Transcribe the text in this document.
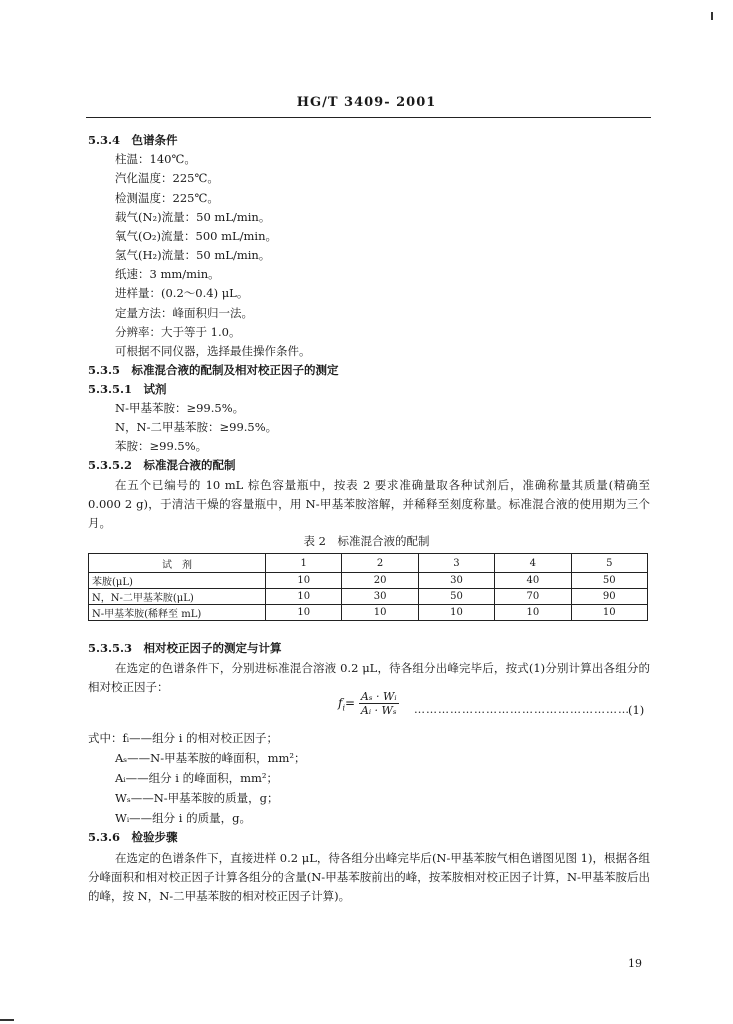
HG/T 3409- 2001
5.3.4　色谱条件
柱温：140℃。
汽化温度：225℃。
检测温度：225℃。
载气(N₂)流量：50 mL/min。
氧气(O₂)流量：500 mL/min。
氢气(H₂)流量：50 mL/min。
纸速：3 mm/min。
进样量：(0.2～0.4) μL。
定量方法：峰面积归一法。
分辨率：大于等于 1.0。
可根据不同仪器，选择最佳操作条件。
5.3.5　标准混合液的配制及相对校正因子的测定
5.3.5.1　试剂
N-甲基苯胺：≥99.5%。
N，N-二甲基苯胺：≥99.5%。
苯胺：≥99.5%。
5.3.5.2　标准混合液的配制
在五个已编号的 10 mL 棕色容量瓶中，按表 2 要求准确量取各种试剂后，准确称量其质量(精确至 0.000 2 g)，于清洁干燥的容量瓶中，用 N-甲基苯胺溶解，并稀释至刻度称量。标准混合液的使用期为三个月。
表 2　标准混合液的配制
试　剂	1	2	3	4	5
苯胺(μL)	10	20	30	40	50
N，N-二甲基苯胺(μL)	10	30	50	70	90
N-甲基苯胺(稀释至 mL)	10	10	10	10	10
5.3.5.3　相对校正因子的测定与计算
在选定的色谱条件下，分别进标准混合溶液 0.2 μL，待各组分出峰完毕后，按式(1)分别计算出各组分的相对校正因子：
$f_i= \frac{\text{Aₛ · Wᵢ}}{\text{Aᵢ · Wₛ}}$ ………………………………………………
(1)
式中：fᵢ——组分 i 的相对校正因子；
Aₛ——N-甲基苯胺的峰面积，mm²；
Aᵢ——组分 i 的峰面积，mm²；
Wₛ——N-甲基苯胺的质量，g；
Wᵢ——组分 i 的质量，g。
5.3.6　检验步骤
在选定的色谱条件下，直接进样 0.2 μL，待各组分出峰完毕后(N-甲基苯胺气相色谱图见图 1)，根据各组分峰面积和相对校正因子计算各组分的含量(N-甲基苯胺前出的峰，按苯胺相对校正因子计算，N-甲基苯胺后出的峰，按 N，N-二甲基苯胺的相对校正因子计算)。
19
